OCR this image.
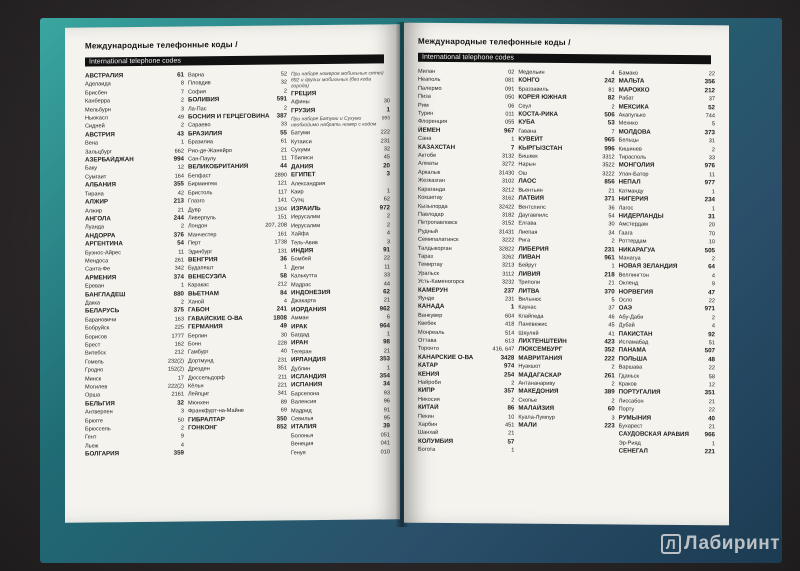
Международные телефонные коды /
International telephone codes
АВСТРАЛИЯ	61
Аделаида	8
Брисбен	7
Канберра	2
Мельбурн	3
Ньюкасл	49
Сидней	2
АВСТРИЯ	43
Вена	1
Зальцбург	662
АЗЕРБАЙДЖАН	994
Баку	12
Сумгаит	164
АЛБАНИЯ	355
Тирана	42
АЛЖИР	213
Алжир	21
АНГОЛА	244
Луанда	2
АНДОРРА	376
АРГЕНТИНА	54
Буэнос-Айрес	11
Мендоса	261
Санта-Фе	342
АРМЕНИЯ	374
Ереван	1
БАНГЛАДЕШ	880
Дакка	2
БЕЛАРУСЬ	375
Барановичи	163
Бобруйск	225
Борисов	1777
Брест	162
Витебск	212
Гомель	232(2)
Гродно	152(2)
Минск	17
Могилев	222(2)
Орша	2161
БЕЛЬГИЯ	32
Антверпен	3
Брюгге	50
Брюссель	2
Гент	9
Льеж	4
БОЛГАРИЯ	359
Варна	52
Пловдив	32
София	2
БОЛИВИЯ	591
Ла-Пас	2
БОСНИЯ И ГЕРЦЕГОВИНА 387
Сараево	33
БРАЗИЛИЯ	55
Бразилиа	61
Рио-де-Жанейро	21
Сан-Паулу	11
ВЕЛИКОБРИТАНИЯ	44
Белфаст	2890
Бирмингем	121
Бристоль	117
Глазго	141
Дувр	1304
Ливерпуль	151
Лондон	207, 208
Манчестер	161
Перт	1738
Эдинбург	131
ВЕНГРИЯ	36
Будапешт	1
ВЕНЕСУЭЛА	58
Каракас	212
ВЬЕТНАМ	84
Ханой	4
ГАБОН	241
ГАВАЙСКИЕ О-ВА	1808
ГЕРМАНИЯ	49
Берлин	30
Бонн	228
Гамбург	40
Дортмунд	231
Дрезден	351
Дюссельдорф	211
Кёльн	221
Лейпциг	341
Мюнхен	89
Франкфурт-на-Майне	69
ГИБРАЛТАР	350
ГОНКОНГ	852
При наборе номеров мобильных сетей 692 и других мобильных (без кода города)
ГРЕЦИЯ
Афины	30
ГРУЗИЯ	1
При наборе Батуми и Сухуми необходимо набрать номер с кодом
995
Батуми	222
Кутаиси	231
Сухуми	32
Тбилиси	45
ДАНИЯ	20
ЕГИПЕТ	3
Александрия
Каир	1
Суэц	62
ИЗРАИЛЬ	972
Иерусалим	2
Иерусалим	2
Хайфа	4
Тель-Авив	3
ИНДИЯ	91
Бомбей	22
Дели	11
Калькутта	33
Мадрас	44
ИНДОНЕЗИЯ	62
Джакарта	21
ИОРДАНИЯ	962
Амман	6
ИРАК	964
Багдад	1
ИРАН	98
Тегеран	21
ИРЛАНДИЯ	353
Дублин	1
ИСЛАНДИЯ	354
ИСПАНИЯ	34
Барселона	93
Валенсия	96
Мадрид	91
Севилья	95
ИТАЛИЯ	39
Болонья	051
Венеция	041
Генуя	010
Международные телефонные коды /
International telephone codes
Милан	02
Неаполь	081
Палермо	091
Пиза	050
Рим	06
Турин	011
Флоренция	055
ЙЕМЕН	967
Сана	1
КАЗАХСТАН	7
Актобе	3132
Алматы	3272
Аркалык	31430
Жезказган	3102
Караганда	3212
Кокшетау	3162
Кызылорда	32422
Павлодар	3182
Петропавловск	3152
Рудный	31431
Семипалатинск	3222
Талдыкорган	32822
Тараз	3262
Темиртау	3213
Уральск	3112
Усть-Каменогорск	3232
КАМЕРУН	237
Яунде	231
КАНАДА	1
Ванкувер	604
Квебек	418
Монреаль	514
Оттава	613
Торонто	416, 647
КАНАРСКИЕ О-ВА	3428
КАТАР	974
КЕНИЯ	254
Найроби	2
КИПР	357
Никосия	2
КИТАЙ	86
Пекин	10
Харбин	451
Шанхай	21
КОЛУМБИЯ	57
Богота	1
Медельин	4
КОНГО	242
Браззавиль	81
КОРЕЯ ЮЖНАЯ	82
Сеул	2
КОСТА-РИКА	506
КУБА	53
Гавана	7
КУВЕЙТ	965
КЫРГЫЗСТАН	996
Бишкек	3312
Нарын	3522
Ош	3222
ЛАОС	856
Вьентьян	21
ЛАТВИЯ	371
Вентспилс	36
Даугавпилс	54
Елгава	30
Лиепая	34
Рига	2
ЛИБЕРИЯ	231
ЛИВАН	961
Бейрут	1
ЛИВИЯ	218
Триполи	21
ЛИТВА	370
Вильнюс	5
Каунас	37
Клайпеда	46
Паневежис	45
Шяуляй	41
ЛИХТЕНШТЕЙН	423
ЛЮКСЕМБУРГ	352
МАВРИТАНИЯ	222
Нуакшот	2
МАДАГАСКАР	261
Антананариву	2
МАКЕДОНИЯ	389
Скопье	2
МАЛАЙЗИЯ	60
Куала-Лумпур	3
МАЛИ	223
Бамако	22
МАЛЬТА	356
МАРОККО	212
Рабат	37
МЕКСИКА	52
Акапулько	744
Мехико	5
МОЛДОВА	373
Бельцы	31
Кишинев	2
Тирасполь	33
МОНГОЛИЯ	976
Улан-Батор	11
НЕПАЛ	977
Катманду	1
НИГЕРИЯ	234
Лагос	1
НИДЕРЛАНДЫ	31
Амстердам	20
Гаага	70
Роттердам	10
НИКАРАГУА	505
Манагуа	2
НОВАЯ ЗЕЛАНДИЯ	64
Веллингтон	4
Окленд	9
НОРВЕГИЯ	47
Осло	22
ОАЭ	971
Абу-Даби	2
Дубай	4
ПАКИСТАН	92
Исламабад	51
ПАНАМА	507
ПОЛЬША	48
Варшава	22
Гданьск	58
Краков	12
ПОРТУГАЛИЯ	351
Лиссабон	21
Порту	22
РУМЫНИЯ	40
Бухарест	21
САУДОВСКАЯ АРАВИЯ	966
Эр-Рияд	1
СЕНЕГАЛ	221
Л Лабиринт
